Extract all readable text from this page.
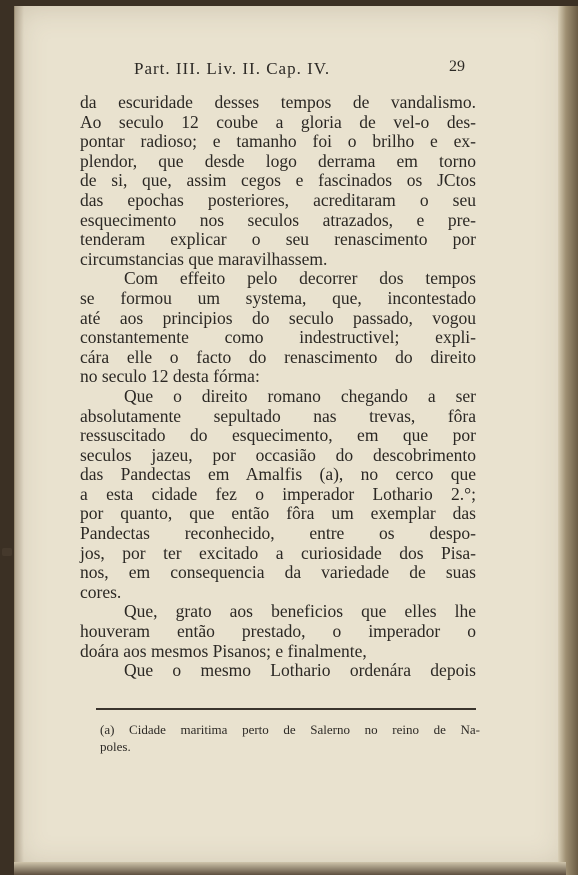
Part. III. Liv. II. Cap. IV.	29
da escuridade desses tempos de vandalismo.
Ao seculo 12 coube a gloria de vel-o des-
pontar radioso; e tamanho foi o brilho e ex-
plendor, que desde logo derrama em torno
de si, que, assim cegos e fascinados os JCtos
das epochas posteriores, acreditaram o seu
esquecimento nos seculos atrazados, e pre-
tenderam explicar o seu renascimento por
circumstancias que maravilhassem.
Com effeito pelo decorrer dos tempos
se formou um systema, que, incontestado
até aos principios do seculo passado, vogou
constantemente como indestructivel; expli-
cára elle o facto do renascimento do direito
no seculo 12 desta fórma:
Que o direito romano chegando a ser
absolutamente sepultado nas trevas, fôra
ressuscitado do esquecimento, em que por
seculos jazeu, por occasião do descobrimento
das Pandectas em Amalfis (a), no cerco que
a esta cidade fez o imperador Lothario 2.°;
por quanto, que então fôra um exemplar das
Pandectas reconhecido, entre os despo-
jos, por ter excitado a curiosidade dos Pisa-
nos, em consequencia da variedade de suas
cores.
Que, grato aos beneficios que elles lhe
houveram então prestado, o imperador o
doára aos mesmos Pisanos; e finalmente,
Que o mesmo Lothario ordenára depois
(a) Cidade maritima perto de Salerno no reino de Na-
poles.
